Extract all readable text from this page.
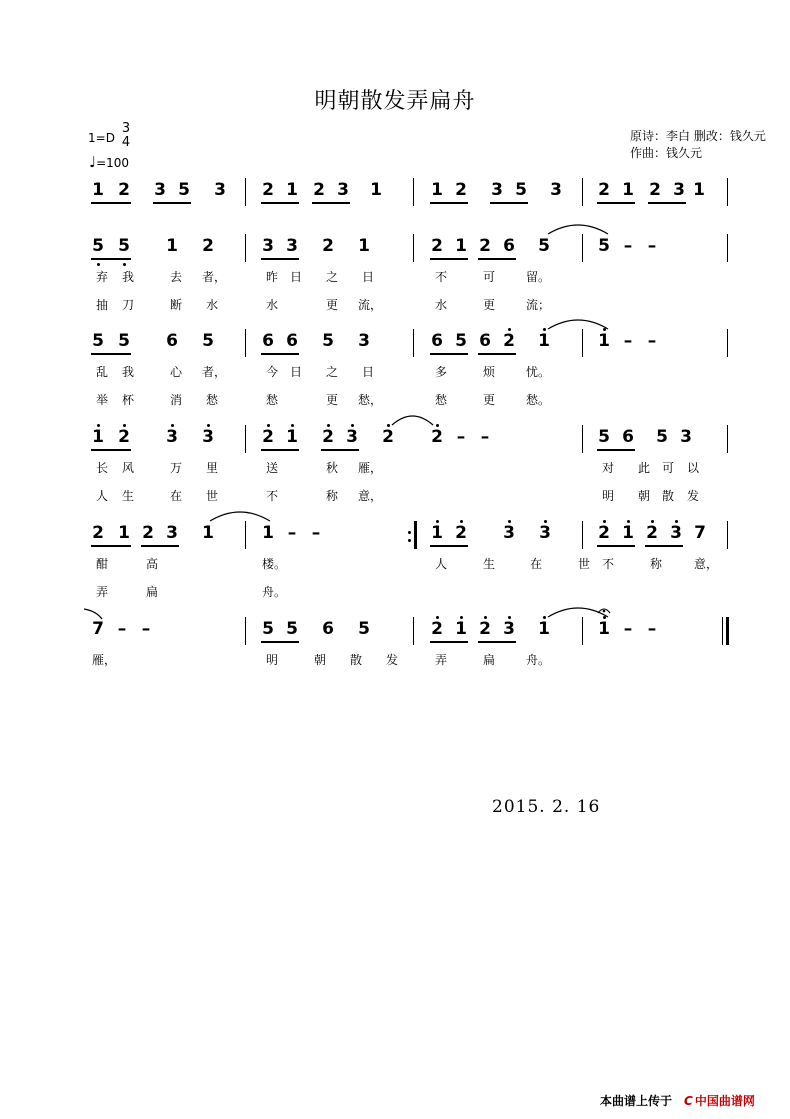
明朝散发弄扁舟
1=D
3
4
♩=100
原诗：李白 删改：钱久元
作曲：钱久元
1 2 3 5 3 2 1 2 3 1	1 2 3 5 3 2 1 2 3 1
5 5 1 2	3 3 2 1	2 1 2 6 5	5 – –
弃	我	去	者，	昨 日	之	日	不	可	留。
抽	刀	断	水	水	更	流，	水	更	流；
5 5 6 5	6 6 5 3	6 5 6 2 1	1 – –
乱	我	心	者，	今 日	之	日	多	烦	忧。
举	杯	消	愁	愁	更	愁，	愁	更	愁。
1 2 3 3	2 1 2 3 2 2 – –	5 6 5 3
长	风	万	里	送	秋	雁，	对	此 可	以
人	生	在	世	不	称	意，	明	朝 散	发
2 1 2 3 1	1 – –	1 2 3 3	2 1 2 3 7
酣	高	楼。	人	生	在	世 不	称	意，
弄	扁	舟。
7 – –	5 5 6 5	2 1 2 3 1	1 – –
雁，	明	朝	散	发	弄	扁	舟。
2015. 2. 16
本曲谱上传于 C 中国曲谱网
